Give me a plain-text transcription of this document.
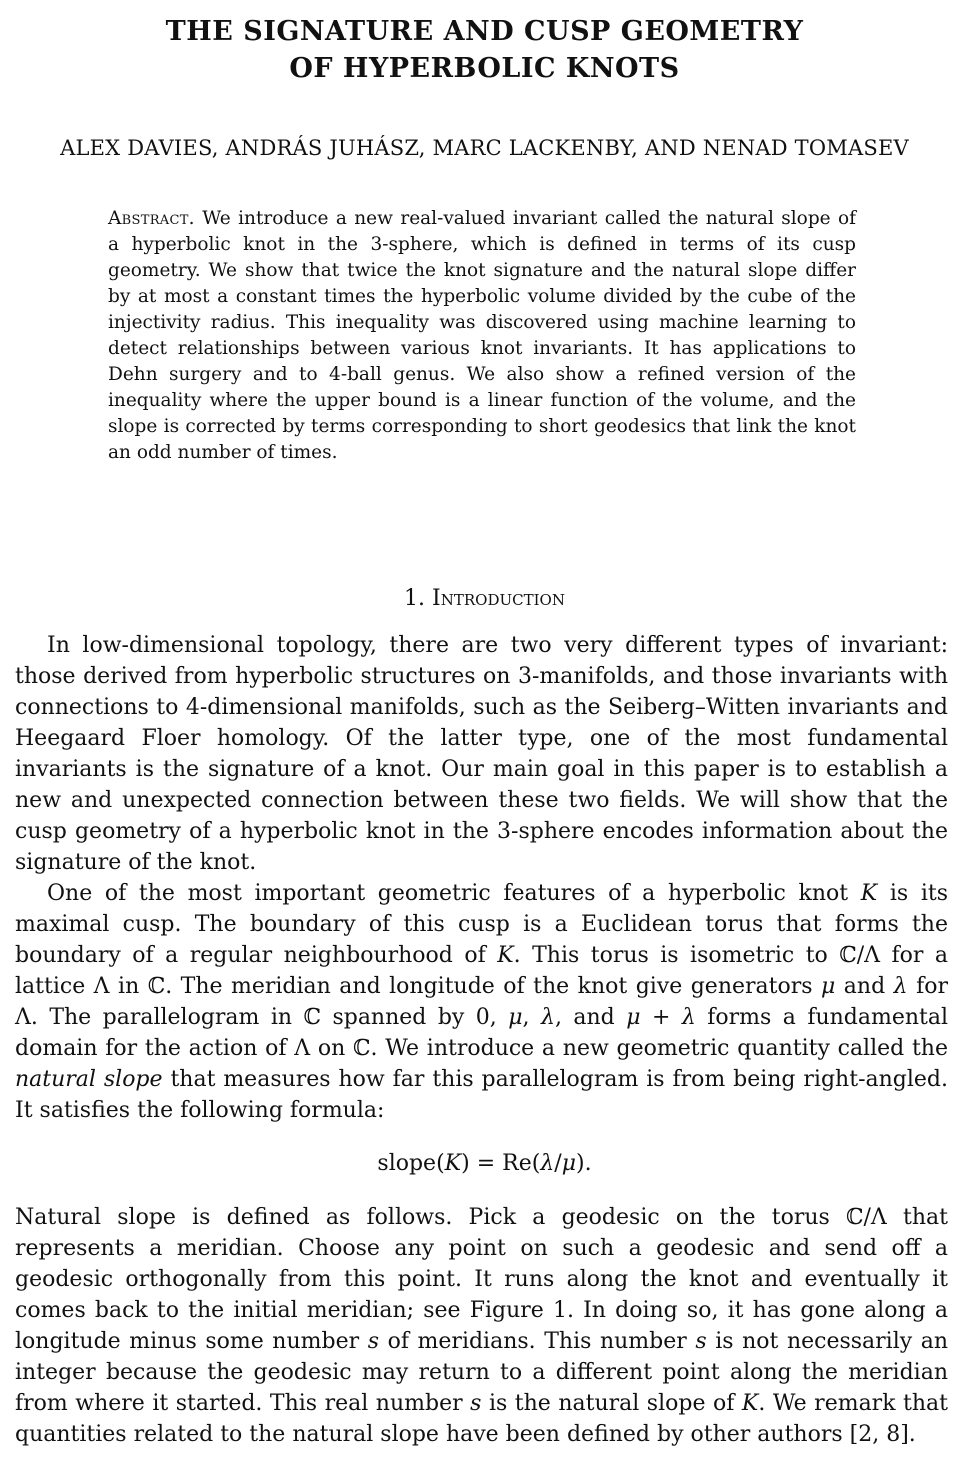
THE SIGNATURE AND CUSP GEOMETRY
OF HYPERBOLIC KNOTS
ALEX DAVIES, ANDRÁS JUHÁSZ, MARC LACKENBY, AND NENAD TOMASEV

Abstract. We introduce a new real-valued invariant called the natural slope of a hyperbolic knot in the 3-sphere, which is defined in terms of its cusp geometry. We show that twice the knot signature and the natural slope differ by at most a constant times the hyperbolic volume divided by the cube of the injectivity radius. This inequality was discovered using machine learning to detect relationships between various knot invariants. It has applications to Dehn surgery and to 4-ball genus. We also show a refined version of the inequality where the upper bound is a linear function of the volume, and the slope is corrected by terms corresponding to short geodesics that link the knot an odd number of times.

1. Introduction

In low-dimensional topology, there are two very different types of invariant: those derived from hyperbolic structures on 3-manifolds, and those invariants with connections to 4-dimensional manifolds, such as the Seiberg–Witten invariants and Heegaard Floer homology. Of the latter type, one of the most fundamental invariants is the signature of a knot. Our main goal in this paper is to establish a new and unexpected connection between these two fields. We will show that the cusp geometry of a hyperbolic knot in the 3-sphere encodes information about the signature of the knot.

One of the most important geometric features of a hyperbolic knot K is its maximal cusp. The boundary of this cusp is a Euclidean torus that forms the boundary of a regular neighbourhood of K. This torus is isometric to ℂ/Λ for a lattice Λ in ℂ. The meridian and longitude of the knot give generators μ and λ for Λ. The parallelogram in ℂ spanned by 0, μ, λ, and μ + λ forms a fundamental domain for the action of Λ on ℂ. We introduce a new geometric quantity called the natural slope that measures how far this parallelogram is from being right-angled. It satisfies the following formula:

slope(K) = Re(λ/μ).

Natural slope is defined as follows. Pick a geodesic on the torus ℂ/Λ that represents a meridian. Choose any point on such a geodesic and send off a geodesic orthogonally from this point. It runs along the knot and eventually it comes back to the initial meridian; see Figure 1. In doing so, it has gone along a longitude minus some number s of meridians. This number s is not necessarily an integer because the geodesic may return to a different point along the meridian from where it started. This real number s is the natural slope of K. We remark that quantities related to the natural slope have been defined by other authors [2, 8].
